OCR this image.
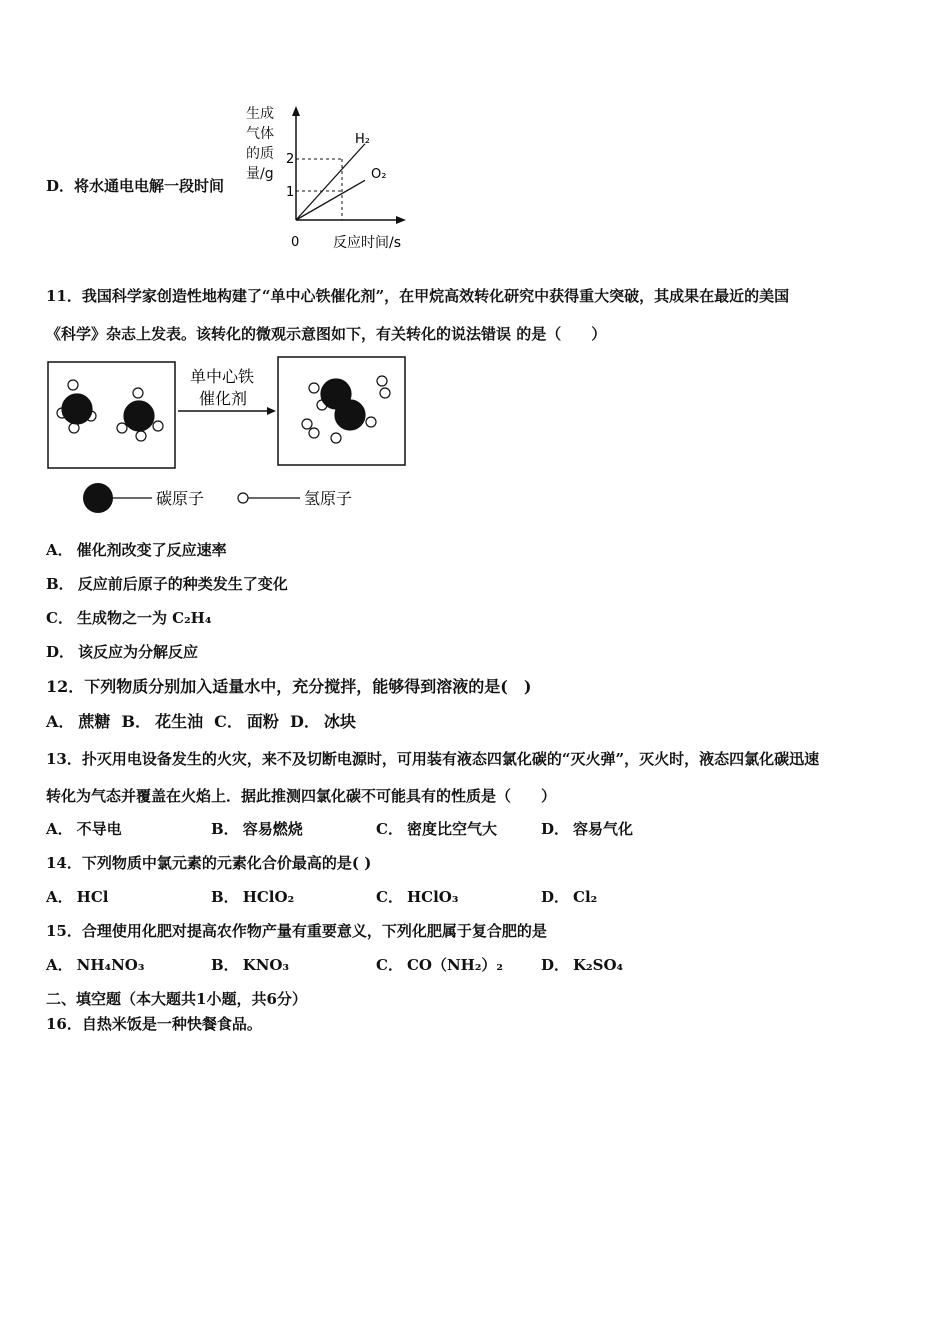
D．将水通电电解一段时间
生成
气体
的质
量/g
0 反应时间/s
1
2
H₂
O₂
11．我国科学家创造性地构建了“单中心铁催化剂”，在甲烷高效转化研究中获得重大突破，其成果在最近的美国
《科学》杂志上发表。该转化的微观示意图如下，有关转化的说法错误 的是（　　）
单中心铁
催化剂
碳原子	氢原子
A． 催化剂改变了反应速率
B． 反应前后原子的种类发生了变化
C． 生成物之一为 C₂H₄
D． 该反应为分解反应
12．下列物质分别加入适量水中，充分搅拌，能够得到溶液的是(　)
A． 蔗糖 B． 花生油 C． 面粉 D． 冰块
13．扑灭用电设备发生的火灾，来不及切断电源时，可用装有液态四氯化碳的“灭火弹”，灭火时，液态四氯化碳迅速
转化为气态并覆盖在火焰上．据此推测四氯化碳不可能具有的性质是（　　）
A． 不导电	B． 容易燃烧	C． 密度比空气大	D． 容易气化
14．下列物质中氯元素的元素化合价最高的是( )
A． HCl	B． HClO₂	C． HClO₃	D． Cl₂
15．合理使用化肥对提高农作物产量有重要意义，下列化肥属于复合肥的是
A． NH₄NO₃	B． KNO₃	C． CO（NH₂）₂	D． K₂SO₄
二、填空题（本大题共1小题，共6分）
16．自热米饭是一种快餐食品。
